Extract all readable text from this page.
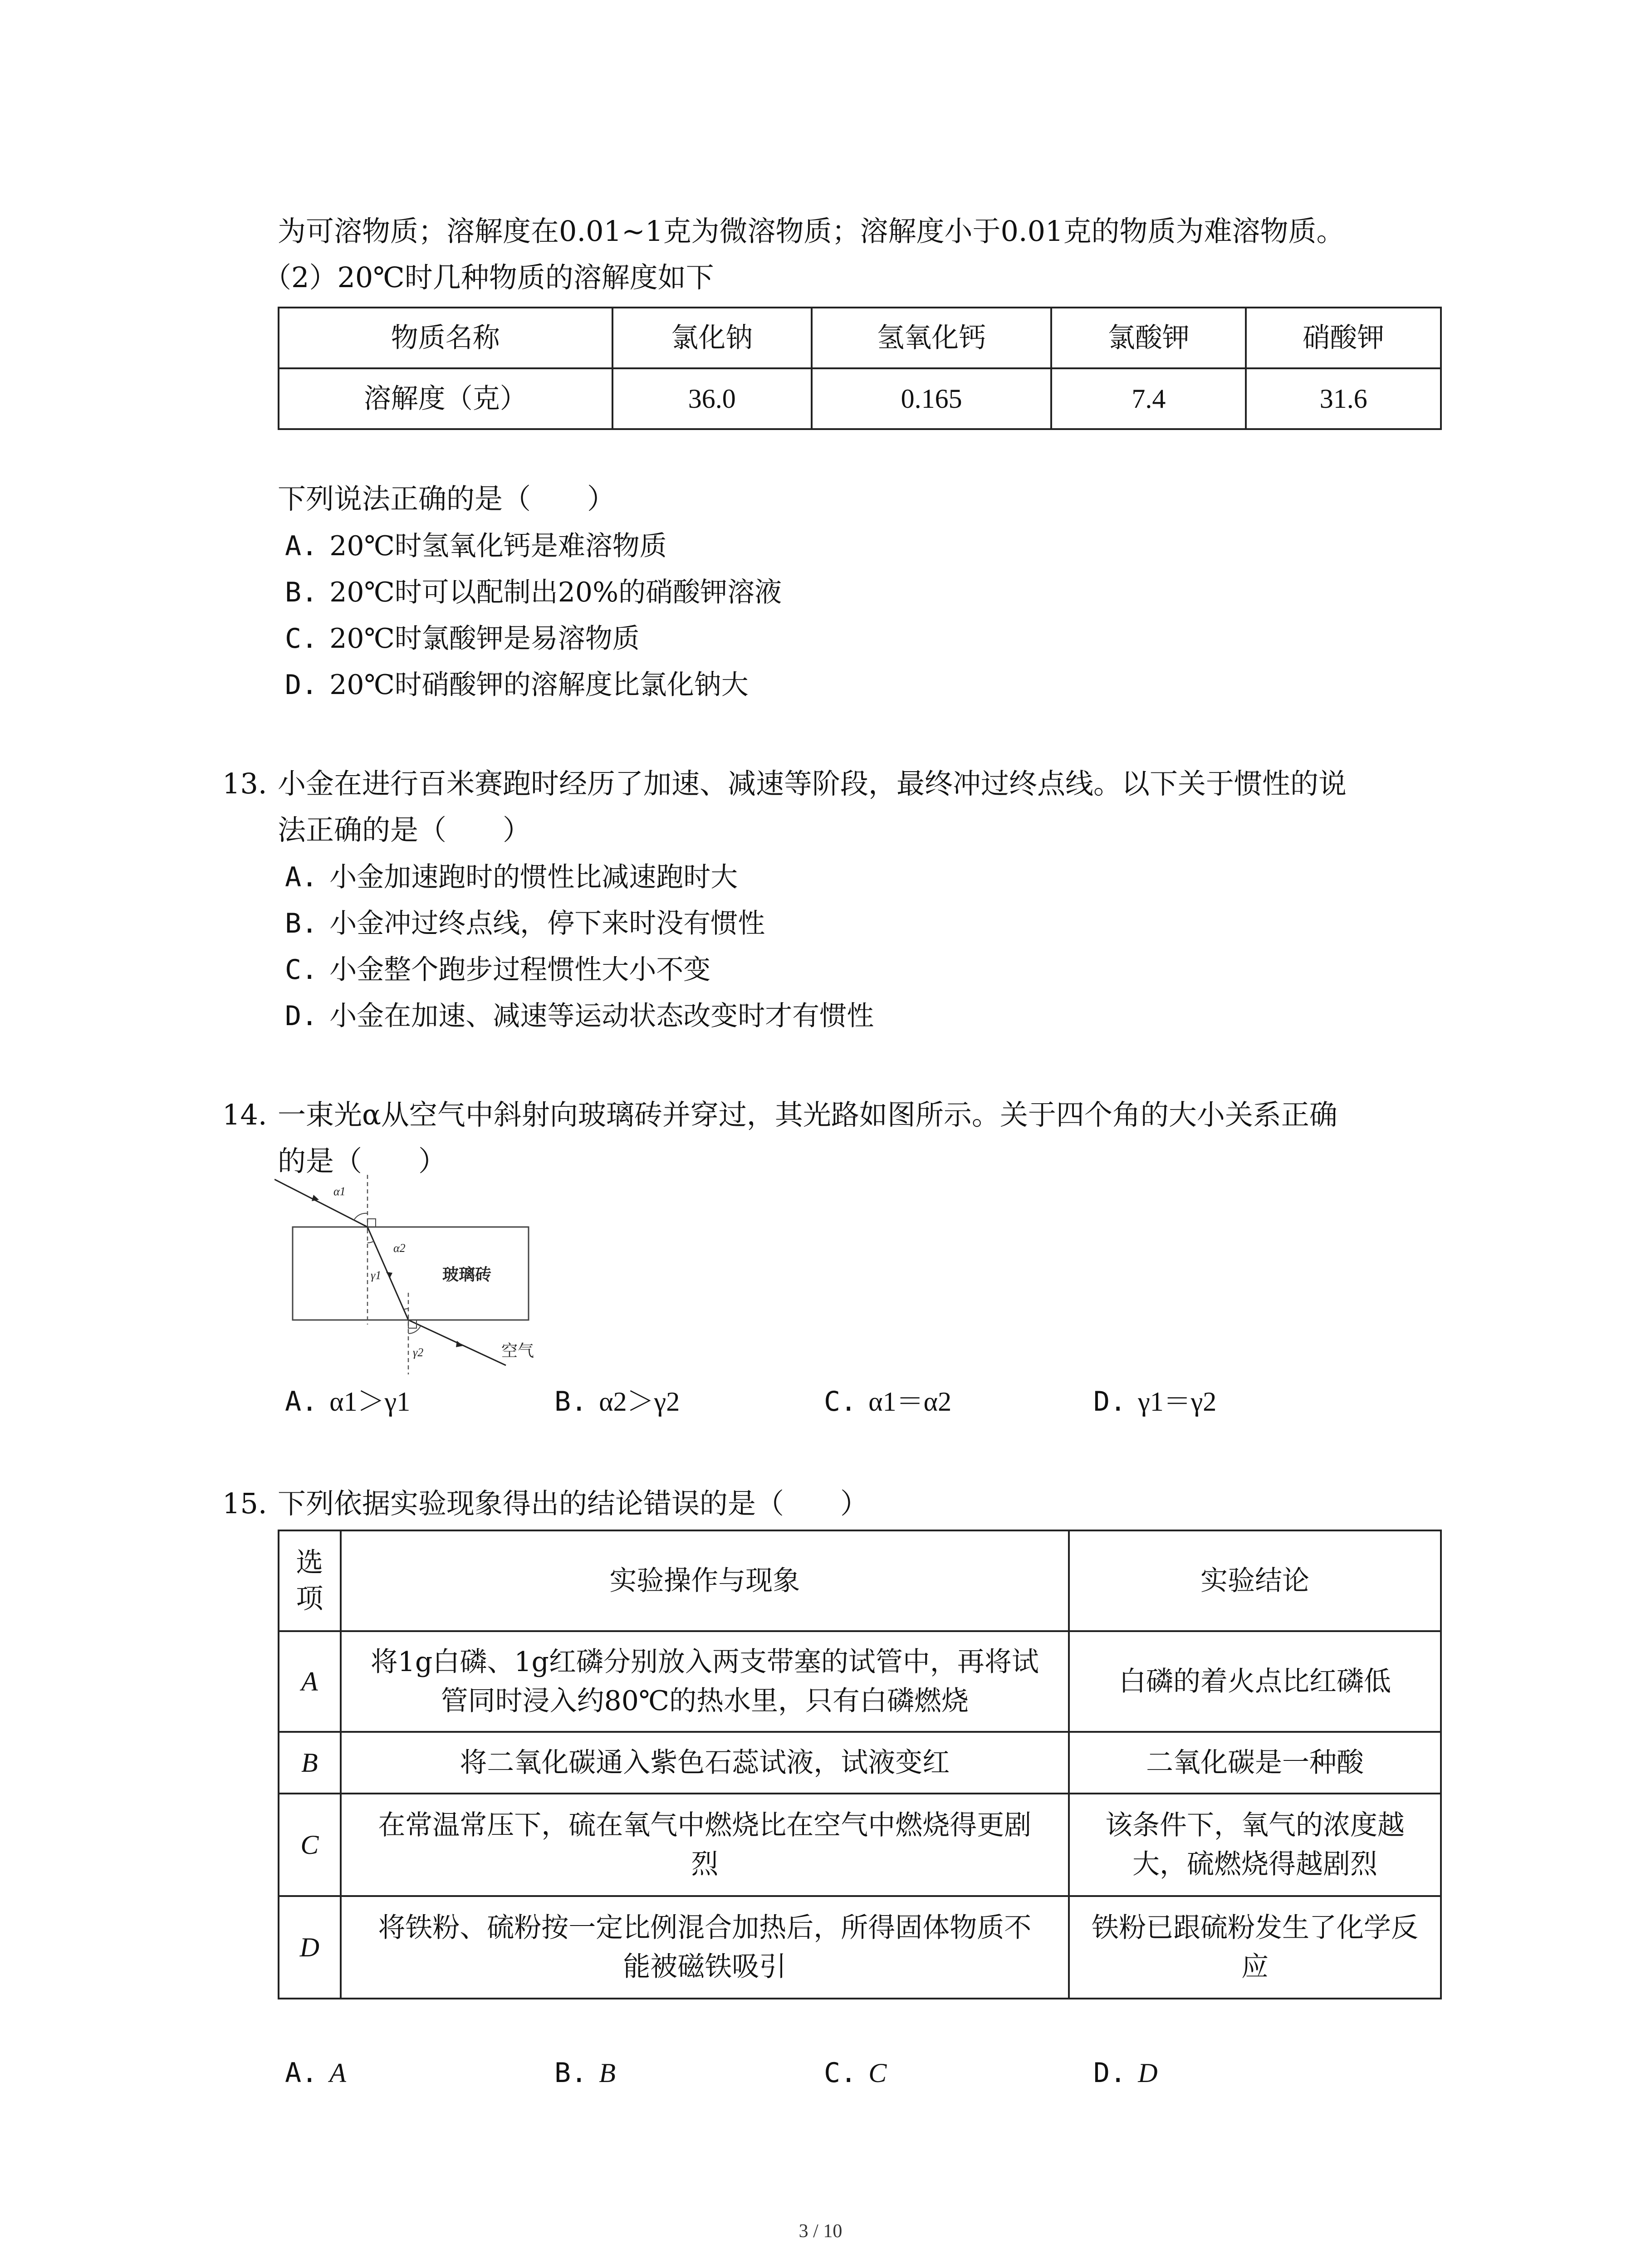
为可溶物质；溶解度在0.01~1克为微溶物质；溶解度小于0.01克的物质为难溶物质。
（2）20℃时几种物质的溶解度如下
物质名称	氯化钠	氢氧化钙	氯酸钾	硝酸钾
溶解度（克）	36.0	0.165	7.4	31.6
下列说法正确的是（　　）
A. 20℃时氢氧化钙是难溶物质
B. 20℃时可以配制出20%的硝酸钾溶液
C. 20℃时氯酸钾是易溶物质
D. 20℃时硝酸钾的溶解度比氯化钠大
13. 小金在进行百米赛跑时经历了加速、减速等阶段，最终冲过终点线。以下关于惯性的说
法正确的是（　　）
A. 小金加速跑时的惯性比减速跑时大
B. 小金冲过终点线，停下来时没有惯性
C. 小金整个跑步过程惯性大小不变
D. 小金在加速、减速等运动状态改变时才有惯性
14. 一束光α从空气中斜射向玻璃砖并穿过，其光路如图所示。关于四个角的大小关系正确
的是（　　）
α1
α2
γ1
γ2
玻璃砖
空气
A. α1＞γ1	B. α2＞γ2	C. α1＝α2	D. γ1＝γ2
15. 下列依据实验现象得出的结论错误的是（　　）
选项	实验操作与现象	实验结论
A	将1g白磷、1g红磷分别放入两支带塞的试管中，再将试管同时浸入约80℃的热水里，只有白磷燃烧	白磷的着火点比红磷低
B	将二氧化碳通入紫色石蕊试液，试液变红	二氧化碳是一种酸
C	在常温常压下，硫在氧气中燃烧比在空气中燃烧得更剧烈	该条件下，氧气的浓度越大，硫燃烧得越剧烈
D	将铁粉、硫粉按一定比例混合加热后，所得固体物质不能被磁铁吸引	铁粉已跟硫粉发生了化学反应
A. A	B. B	C. C	D. D
3 / 10
